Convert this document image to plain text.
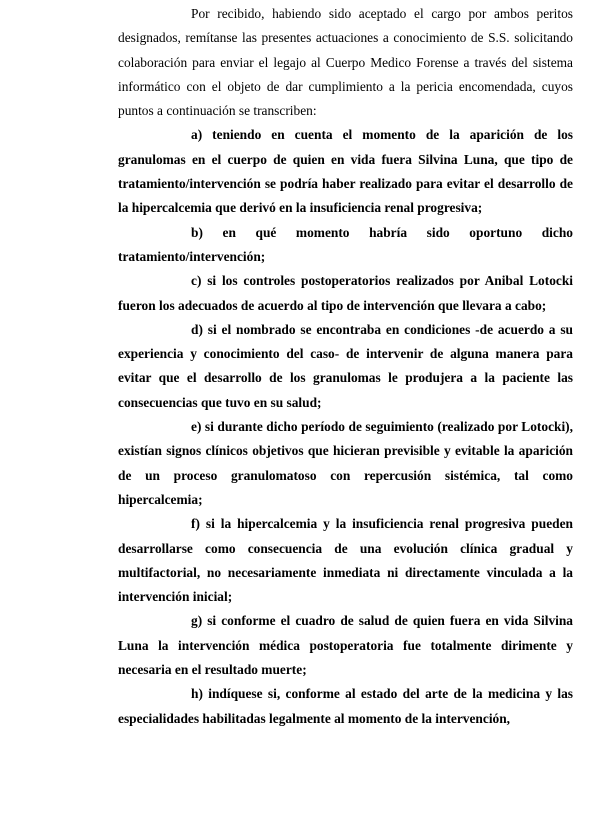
Por recibido, habiendo sido aceptado el cargo por ambos peritos designados, remítanse las presentes actuaciones a conocimiento de S.S. solicitando colaboración para enviar el legajo al Cuerpo Medico Forense a través del sistema informático con el objeto de dar cumplimiento a la pericia encomendada, cuyos puntos a continuación se transcriben:

a) teniendo en cuenta el momento de la aparición de los granulomas en el cuerpo de quien en vida fuera Silvina Luna, que tipo de tratamiento/intervención se podría haber realizado para evitar el desarrollo de la hipercalcemia que derivó en la insuficiencia renal progresiva;

b) en qué momento habría sido oportuno dicho tratamiento/intervención;

c) si los controles postoperatorios realizados por Anibal Lotocki fueron los adecuados de acuerdo al tipo de intervención que llevara a cabo;

d) si el nombrado se encontraba en condiciones -de acuerdo a su experiencia y conocimiento del caso- de intervenir de alguna manera para evitar que el desarrollo de los granulomas le produjera a la paciente las consecuencias que tuvo en su salud;

e) si durante dicho período de seguimiento (realizado por Lotocki), existían signos clínicos objetivos que hicieran previsible y evitable la aparición de un proceso granulomatoso con repercusión sistémica, tal como hipercalcemia;

f) si la hipercalcemia y la insuficiencia renal progresiva pueden desarrollarse como consecuencia de una evolución clínica gradual y multifactorial, no necesariamente inmediata ni directamente vinculada a la intervención inicial;

g) si conforme el cuadro de salud de quien fuera en vida Silvina Luna la intervención médica postoperatoria fue totalmente dirimente y necesaria en el resultado muerte;

h) indíquese si, conforme al estado del arte de la medicina y las especialidades habilitadas legalmente al momento de la intervención,
